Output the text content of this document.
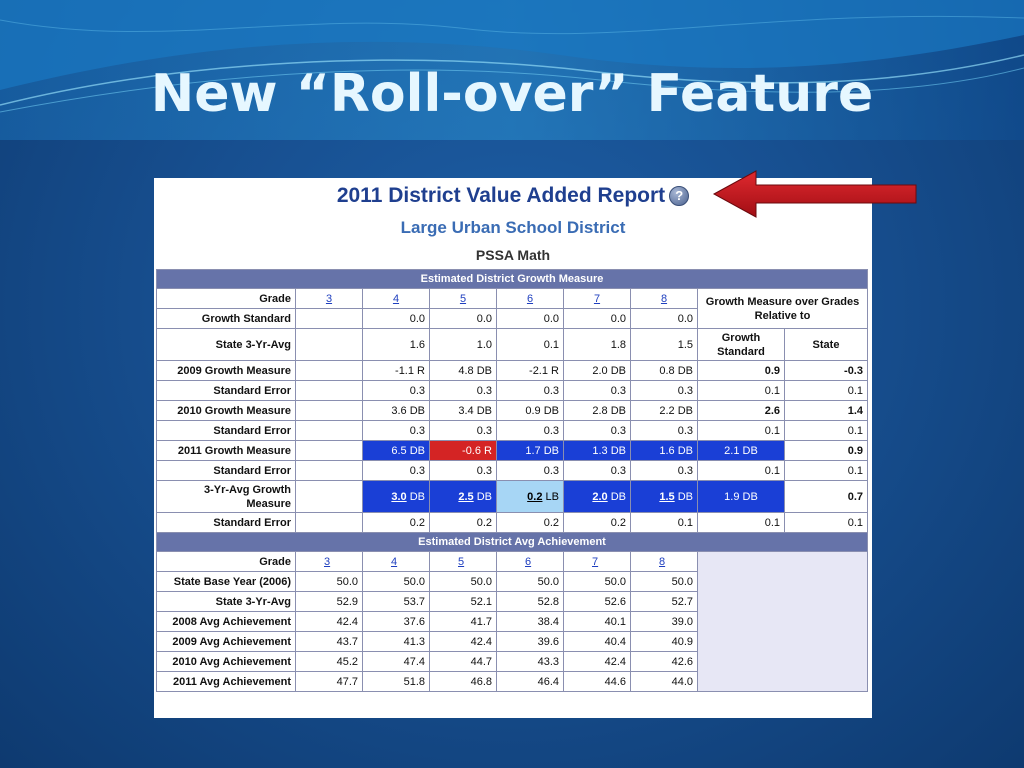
New “Roll-over” Feature
2011 District Value Added Report ?
Large Urban School District
PSSA Math
Estimated District Growth Measure								
Grade	3	4	5	6	7	8	Growth Measure over Grades Relative to	
Growth Standard		0.0	0.0	0.0	0.0	0.0		
State 3-Yr-Avg		1.6	1.0	0.1	1.8	1.5	Growth Standard	State
2009 Growth Measure		-1.1 R	4.8 DB	-2.1 R	2.0 DB	0.8 DB	0.9	-0.3
Standard Error		0.3	0.3	0.3	0.3	0.3	0.1	0.1
2010 Growth Measure		3.6 DB	3.4 DB	0.9 DB	2.8 DB	2.2 DB	2.6	1.4
Standard Error		0.3	0.3	0.3	0.3	0.3	0.1	0.1
2011 Growth Measure		6.5 DB	-0.6 R	1.7 DB	1.3 DB	1.6 DB	2.1 DB	0.9
Standard Error		0.3	0.3	0.3	0.3	0.3	0.1	0.1
3-Yr-Avg Growth
Measure		3.0 DB	2.5 DB	0.2 LB	2.0 DB	1.5 DB	1.9 DB	0.7
Standard Error		0.2	0.2	0.2	0.2	0.1	0.1	0.1
Estimated District Avg Achievement								
Grade	3	4	5	6	7	8		
State Base Year (2006)	50.0	50.0	50.0	50.0	50.0	50.0		
State 3-Yr-Avg	52.9	53.7	52.1	52.8	52.6	52.7		
2008 Avg Achievement	42.4	37.6	41.7	38.4	40.1	39.0		
2009 Avg Achievement	43.7	41.3	42.4	39.6	40.4	40.9		
2010 Avg Achievement	45.2	47.4	44.7	43.3	42.4	42.6		
2011 Avg Achievement	47.7	51.8	46.8	46.4	44.6	44.0		
